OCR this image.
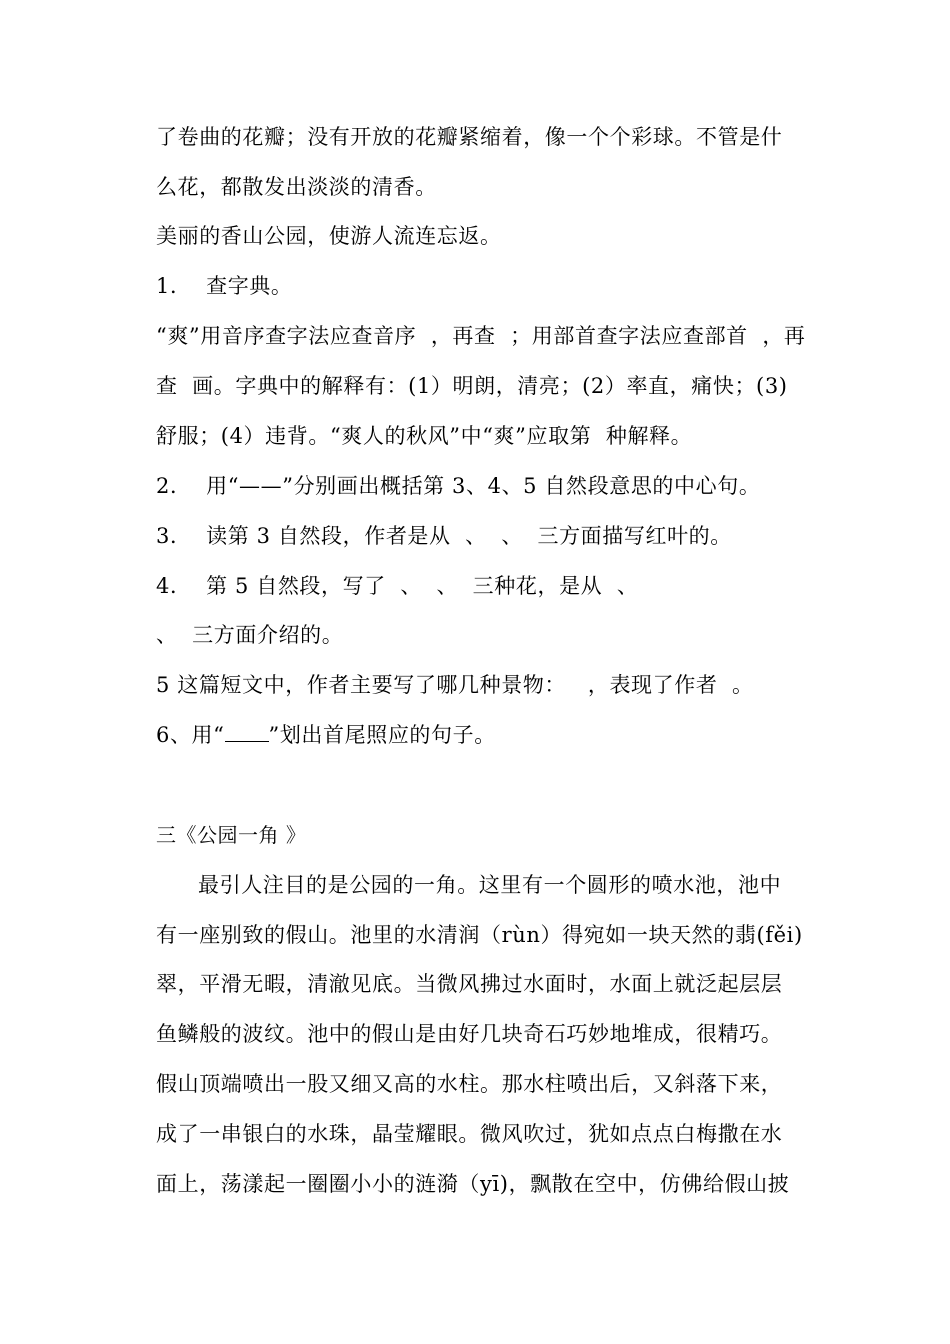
了卷曲的花瓣；没有开放的花瓣紧缩着，像一个个彩球。不管是什
么花，都散发出淡淡的清香。
美丽的香山公园，使游人流连忘返。
1．  查字典。
“爽”用音序查字法应查音序  ，再查  ；用部首查字法应查部首  ，再
查  画。字典中的解释有：(1）明朗，清亮；(2）率直，痛快；(3)
舒服；(4）违背。“爽人的秋风”中“爽”应取第  种解释。
2．  用“——”分别画出概括第 3、4、5 自然段意思的中心句。
3．  读第 3 自然段，作者是从  、  、  三方面描写红叶的。
4．  第 5 自然段，写了  、  、  三种花，是从  、
、  三方面介绍的。
5 这篇短文中，作者主要写了哪几种景物：   ，表现了作者  。
6、用“ ”划出首尾照应的句子。
三《公园一角 》
最引人注目的是公园的一角。这里有一个圆形的喷水池，池中
有一座别致的假山。池里的水清润（rùn）得宛如一块天然的翡(fěi)
翠，平滑无暇，清澈见底。当微风拂过水面时，水面上就泛起层层
鱼鳞般的波纹。池中的假山是由好几块奇石巧妙地堆成，很精巧。
假山顶端喷出一股又细又高的水柱。那水柱喷出后，又斜落下来，
成了一串银白的水珠，晶莹耀眼。微风吹过，犹如点点白梅撒在水
面上，荡漾起一圈圈小小的涟漪（yī)，飘散在空中，仿佛给假山披
